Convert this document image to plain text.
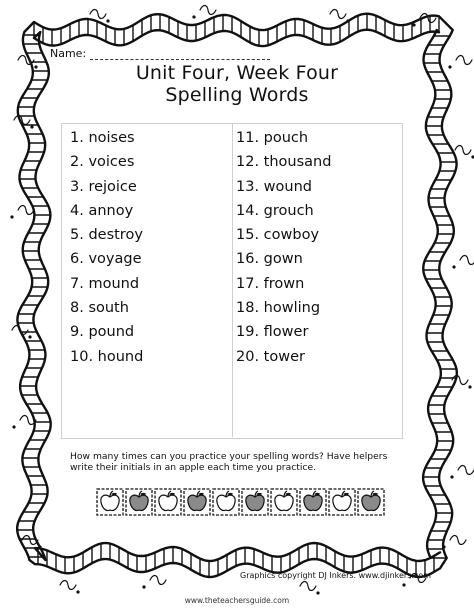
Name:
Unit Four, Week Four
Spelling Words
1. noises
2. voices
3. rejoice
4. annoy
5. destroy
6. voyage
7. mound
8. south
9. pound
10. hound
11. pouch
12. thousand
13. wound
14. grouch
15. cowboy
16. gown
17. frown
18. howling
19. flower
20. tower
How many times can you practice your spelling words? Have helpers write their initials in an apple each time you practice.
Graphics copyright DJ Inkers. www.djinkers.com
www.theteachersguide.com
